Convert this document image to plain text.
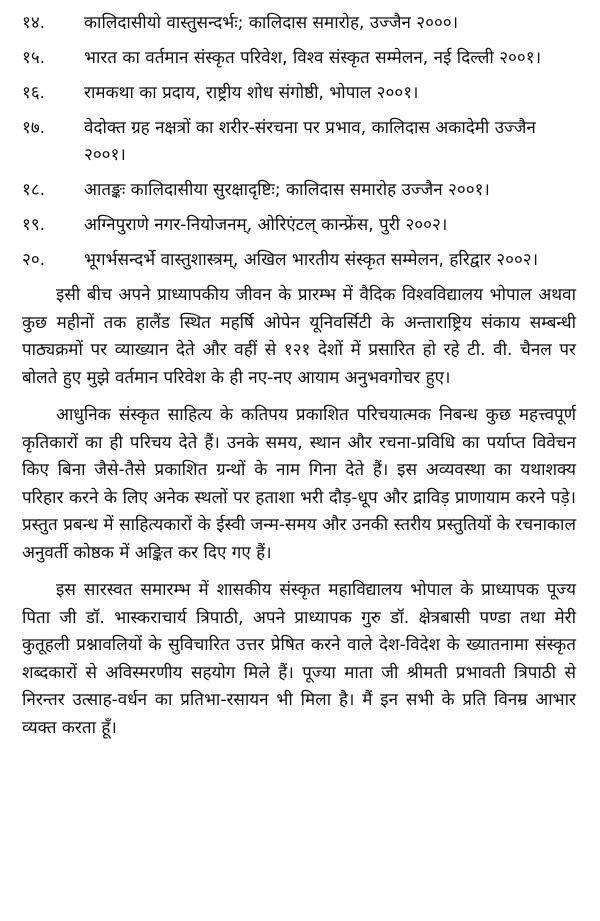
१४.	कालिदासीयो वास्तुसन्दर्भः; कालिदास समारोह, उज्जैन २०००।
१५.	भारत का वर्तमान संस्कृत परिवेश, विश्व संस्कृत सम्मेलन, नई दिल्ली २००१।
१६.	रामकथा का प्रदाय, राष्ट्रीय शोध संगोष्ठी, भोपाल २००१।
१७.	वेदोक्त ग्रह नक्षत्रों का शरीर-संरचना पर प्रभाव, कालिदास अकादेमी उज्जैन २००१।
१८.	आतङ्कः कालिदासीया सुरक्षादृष्टिः; कालिदास समारोह उज्जैन २००१।
१९.	अग्निपुराणे नगर-नियोजनम्, ओरिएंटल् कान्फ्रेंस, पुरी २००२।
२०.	भूगर्भसन्दर्भे वास्तुशास्त्रम्, अखिल भारतीय संस्कृत सम्मेलन, हरिद्वार २००२।

इसी बीच अपने प्राध्यापकीय जीवन के प्रारम्भ में वैदिक विश्वविद्यालय भोपाल अथवा कुछ महीनों तक हालैंड स्थित महर्षि ओपेन यूनिवर्सिटी के अन्ताराष्ट्रिय संकाय सम्बन्धी पाठ्यक्रमों पर व्याख्यान देते और वहीं से १२१ देशों में प्रसारित हो रहे टी. वी. चैनल पर बोलते हुए मुझे वर्तमान परिवेश के ही नए-नए आयाम अनुभवगोचर हुए।

आधुनिक संस्कृत साहित्य के कतिपय प्रकाशित परिचयात्मक निबन्ध कुछ महत्त्वपूर्ण कृतिकारों का ही परिचय देते हैं। उनके समय, स्थान और रचना-प्रविधि का पर्याप्त विवेचन किए बिना जैसे-तैसे प्रकाशित ग्रन्थों के नाम गिना देते हैं। इस अव्यवस्था का यथाशक्य परिहार करने के लिए अनेक स्थलों पर हताशा भरी दौड़-धूप और द्राविड़ प्राणायाम करने पड़े। प्रस्तुत प्रबन्ध में साहित्यकारों के ईस्वी जन्म-समय और उनकी स्तरीय प्रस्तुतियों के रचनाकाल अनुवर्ती कोष्ठक में अङ्कित कर दिए गए हैं।

इस सारस्वत समारम्भ में शासकीय संस्कृत महाविद्यालय भोपाल के प्राध्यापक पूज्य पिता जी डॉ. भास्कराचार्य त्रिपाठी, अपने प्राध्यापक गुरु डॉ. क्षेत्रबासी पण्डा तथा मेरी कुतूहली प्रश्नावलियों के सुविचारित उत्तर प्रेषित करने वाले देश-विदेश के ख्यातनामा संस्कृत शब्दकारों से अविस्मरणीय सहयोग मिले हैं। पूज्या माता जी श्रीमती प्रभावती त्रिपाठी से निरन्तर उत्साह-वर्धन का प्रतिभा-रसायन भी मिला है। मैं इन सभी के प्रति विनम्र आभार व्यक्त करता हूँ।
